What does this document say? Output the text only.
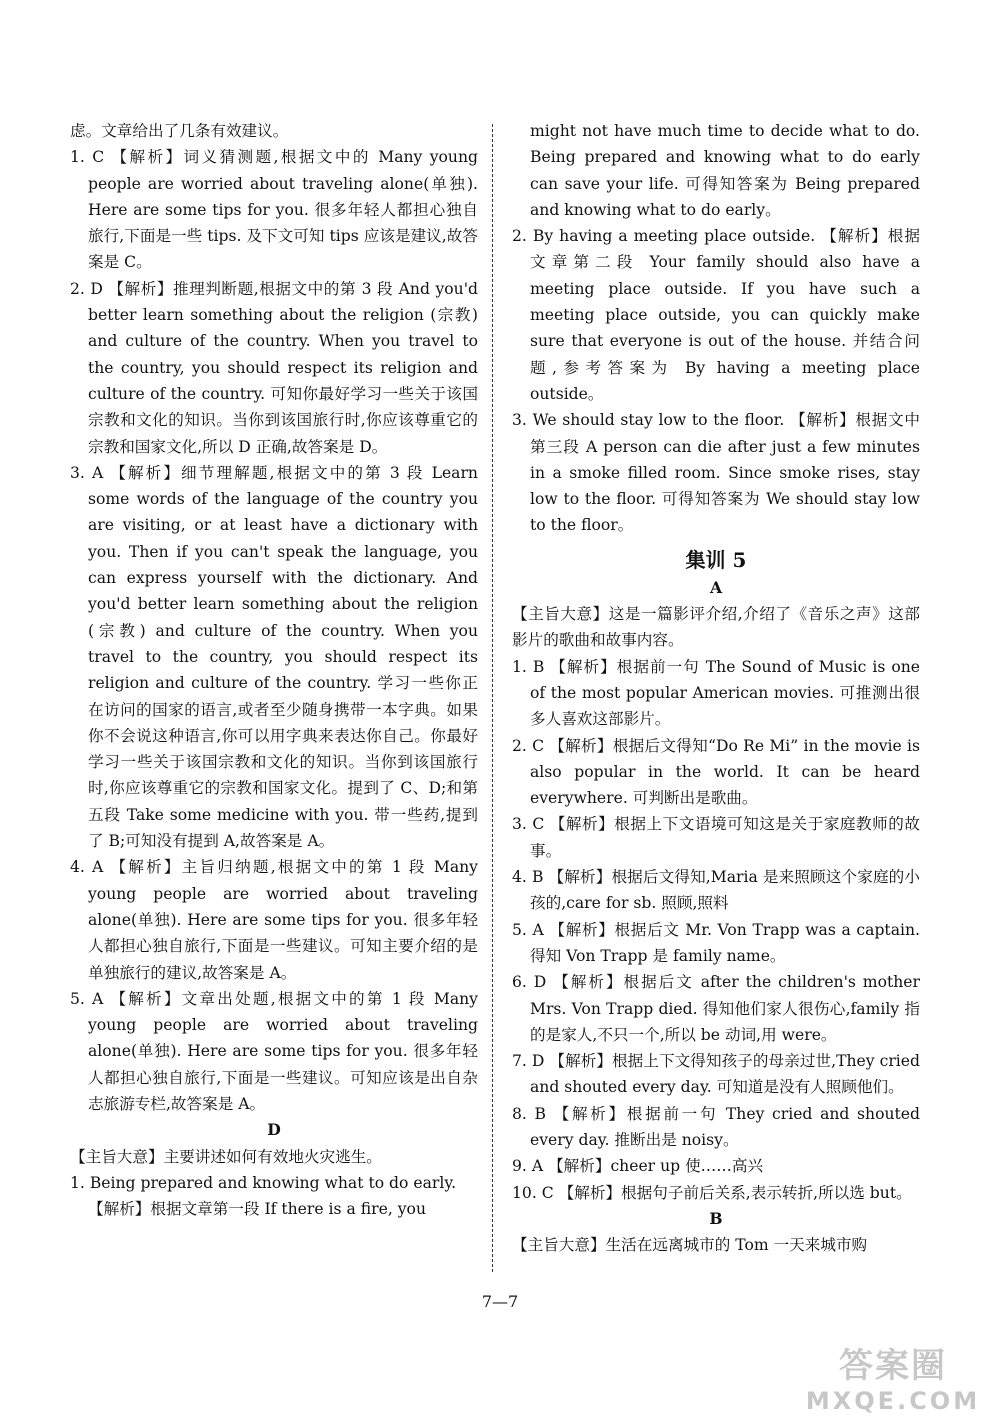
虑。文章给出了几条有效建议。

1. C 【解析】词义猜测题,根据文中的 Many young people are worried about traveling alone(单独). Here are some tips for you. 很多年轻人都担心独自旅行,下面是一些 tips. 及下文可知 tips 应该是建议,故答案是 C。

2. D 【解析】推理判断题,根据文中的第 3 段 And you'd better learn something about the religion (宗教) and culture of the country. When you travel to the country, you should respect its religion and culture of the country. 可知你最好学习一些关于该国宗教和文化的知识。当你到该国旅行时,你应该尊重它的宗教和国家文化,所以 D 正确,故答案是 D。

3. A 【解析】细节理解题,根据文中的第 3 段 Learn some words of the language of the country you are visiting, or at least have a dictionary with you. Then if you can't speak the language, you can express yourself with the dictionary. And you'd better learn something about the religion (宗教) and culture of the country. When you travel to the country, you should respect its religion and culture of the country. 学习一些你正在访问的国家的语言,或者至少随身携带一本字典。如果你不会说这种语言,你可以用字典来表达你自己。你最好学习一些关于该国宗教和文化的知识。当你到该国旅行时,你应该尊重它的宗教和国家文化。提到了 C、D;和第五段 Take some medicine with you. 带一些药,提到了 B;可知没有提到 A,故答案是 A。

4. A 【解析】主旨归纳题,根据文中的第 1 段 Many young people are worried about traveling alone(单独). Here are some tips for you. 很多年轻人都担心独自旅行,下面是一些建议。可知主要介绍的是单独旅行的建议,故答案是 A。

5. A 【解析】文章出处题,根据文中的第 1 段 Many young people are worried about traveling alone(单独). Here are some tips for you. 很多年轻人都担心独自旅行,下面是一些建议。可知应该是出自杂志旅游专栏,故答案是 A。

D

【主旨大意】主要讲述如何有效地火灾逃生。

1. Being prepared and knowing what to do early.

【解析】根据文章第一段 If there is a fire, you

might not have much time to decide what to do. Being prepared and knowing what to do early can save your life. 可得知答案为 Being prepared and knowing what to do early。

2. By having a meeting place outside. 【解析】根据文章第二段 Your family should also have a meeting place outside. If you have such a meeting place outside, you can quickly make sure that everyone is out of the house. 并结合问题,参考答案为 By having a meeting place outside。

3. We should stay low to the floor. 【解析】根据文中第三段 A person can die after just a few minutes in a smoke filled room. Since smoke rises, stay low to the floor. 可得知答案为 We should stay low to the floor。

集训 5

A

【主旨大意】这是一篇影评介绍,介绍了《音乐之声》这部影片的歌曲和故事内容。

1. B 【解析】根据前一句 The Sound of Music is one of the most popular American movies. 可推测出很多人喜欢这部影片。

2. C 【解析】根据后文得知“Do Re Mi” in the movie is also popular in the world. It can be heard everywhere. 可判断出是歌曲。

3. C 【解析】根据上下文语境可知这是关于家庭教师的故事。

4. B 【解析】根据后文得知,Maria 是来照顾这个家庭的小孩的,care for sb. 照顾,照料

5. A 【解析】根据后文 Mr. Von Trapp was a captain. 得知 Von Trapp 是 family name。

6. D 【解析】根据后文 after the children's mother Mrs. Von Trapp died. 得知他们家人很伤心,family 指的是家人,不只一个,所以 be 动词,用 were。

7. D 【解析】根据上下文得知孩子的母亲过世,They cried and shouted every day. 可知道是没有人照顾他们。

8. B 【解析】根据前一句 They cried and shouted every day. 推断出是 noisy。

9. A 【解析】cheer up 使……高兴

10. C 【解析】根据句子前后关系,表示转折,所以选 but。

B

【主旨大意】生活在远离城市的 Tom 一天来城市购

7—7
答案圈
MXQE.COM
